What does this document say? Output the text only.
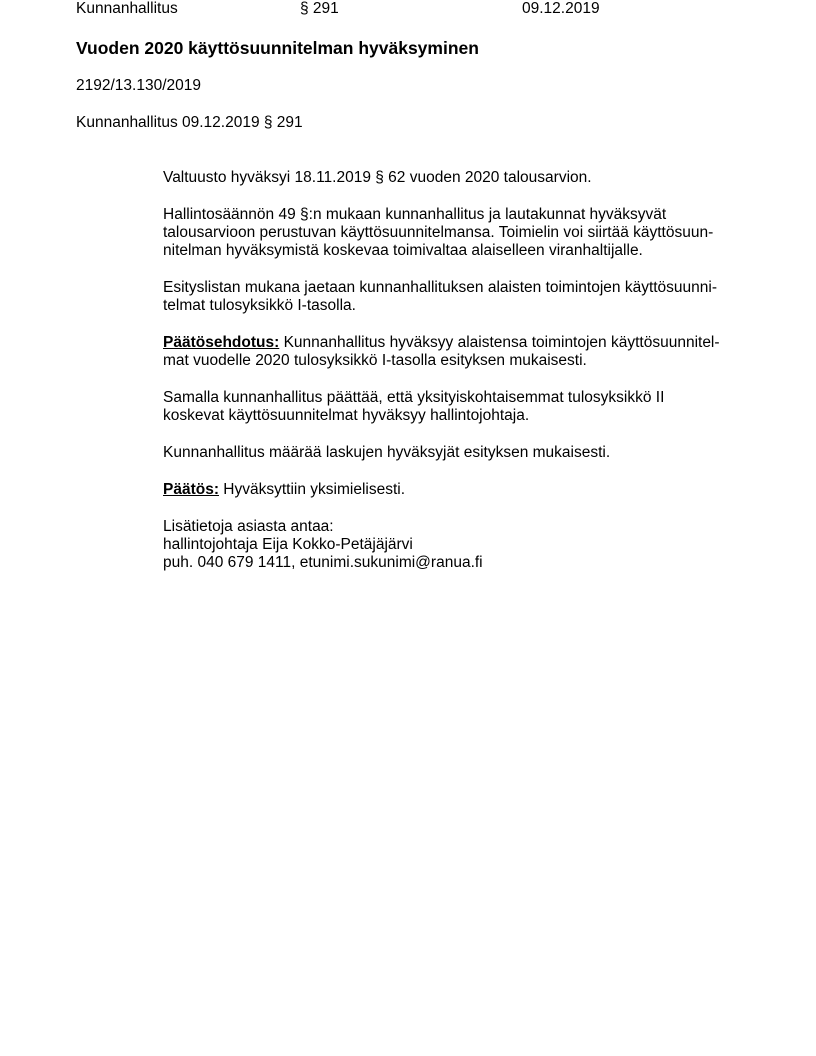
Kunnanhallitus	§ 291	09.12.2019
Vuoden 2020 käyttösuunnitelman hyväksyminen
2192/13.130/2019
Kunnanhallitus 09.12.2019 § 291

Valtuusto hyväksyi 18.11.2019 § 62 vuoden 2020 talousarvion.

Hallintosäännön 49 §:n mukaan kunnanhallitus ja lautakunnat hyväksyvät
talousarvioon perustuvan käyttösuunnitelmansa. Toimielin voi siirtää käyttösuun-
nitelman hyväksymistä koskevaa toimivaltaa alaiselleen viranhaltijalle.

Esityslistan mukana jaetaan kunnanhallituksen alaisten toimintojen käyttösuunni-
telmat tulosyksikkö I-tasolla.

Päätösehdotus: Kunnanhallitus hyväksyy alaistensa toimintojen käyttösuunnitel-
mat vuodelle 2020 tulosyksikkö I-tasolla esityksen mukaisesti.

Samalla kunnanhallitus päättää, että yksityiskohtaisemmat tulosyksikkö II
koskevat käyttösuunnitelmat hyväksyy hallintojohtaja.

Kunnanhallitus määrää laskujen hyväksyjät esityksen mukaisesti.

Päätös: Hyväksyttiin yksimielisesti.

Lisätietoja asiasta antaa:
hallintojohtaja Eija Kokko-Petäjäjärvi
puh. 040 679 1411, etunimi.sukunimi@ranua.fi
